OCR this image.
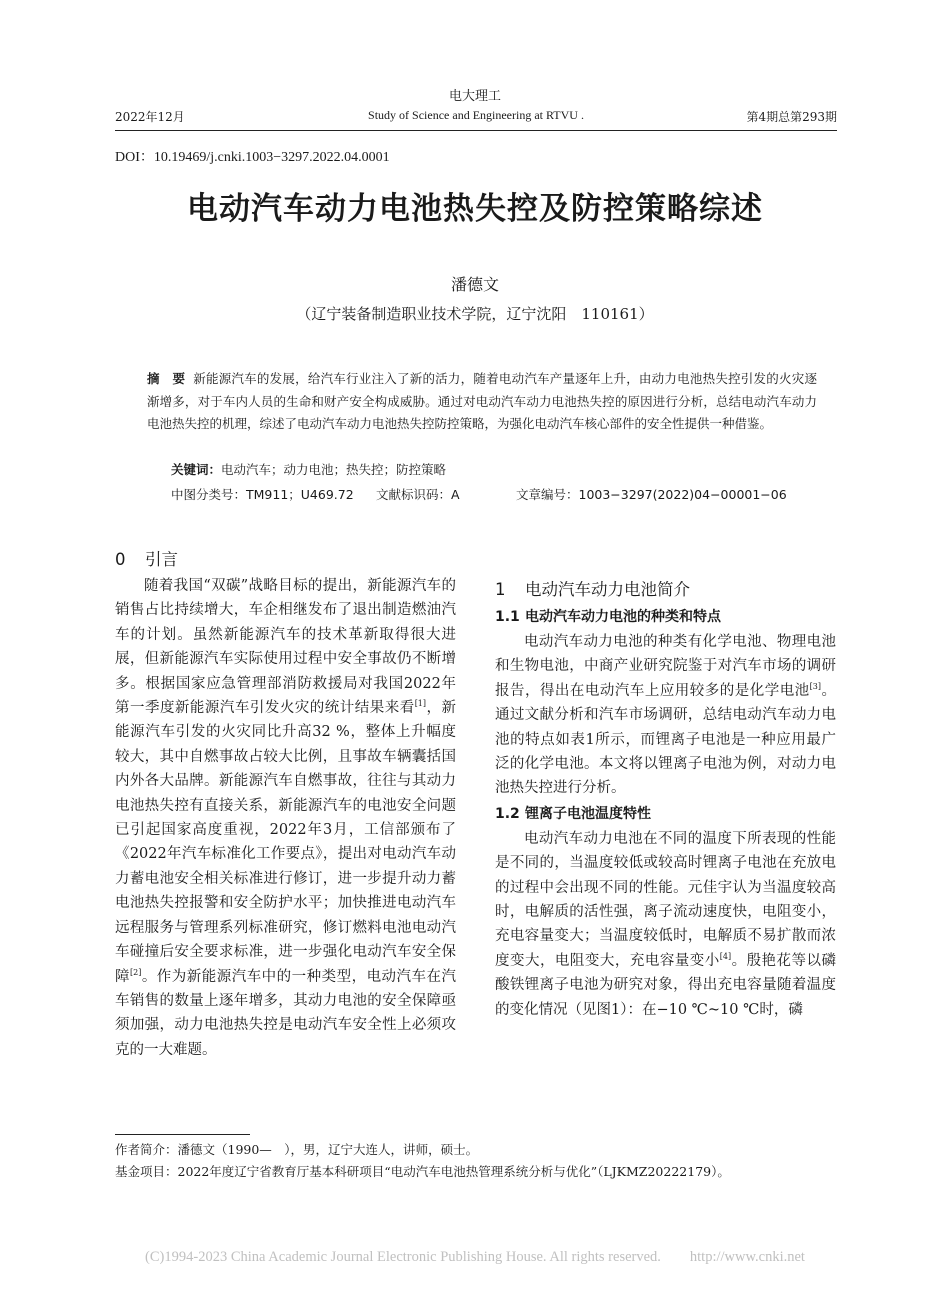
电大理工
2022年12月	Study of Science and Engineering at RTVU .	第4期总第293期
DOI：10.19469/j.cnki.1003−3297.2022.04.0001
电动汽车动力电池热失控及防控策略综述
潘德文
（辽宁装备制造职业技术学院，辽宁沈阳　110161）
摘　要 新能源汽车的发展，给汽车行业注入了新的活力，随着电动汽车产量逐年上升，由动力电池热失控引发的火灾逐渐增多，对于车内人员的生命和财产安全构成威胁。通过对电动汽车动力电池热失控的原因进行分析，总结电动汽车动力电池热失控的机理，综述了电动汽车动力电池热失控防控策略，为强化电动汽车核心部件的安全性提供一种借鉴。
关键词：电动汽车；动力电池；热失控；防控策略
中图分类号：TM911；U469.72 文献标识码：A	文章编号：1003−3297(2022)04−00001−06
0 引言

随着我国“双碳”战略目标的提出，新能源汽车的销售占比持续增大，车企相继发布了退出制造燃油汽车的计划。虽然新能源汽车的技术革新取得很大进展，但新能源汽车实际使用过程中安全事故仍不断增多。根据国家应急管理部消防救援局对我国2022年第一季度新能源汽车引发火灾的统计结果来看[1]，新能源汽车引发的火灾同比升高32 %，整体上升幅度较大，其中自燃事故占较大比例，且事故车辆囊括国内外各大品牌。新能源汽车自燃事故，往往与其动力电池热失控有直接关系，新能源汽车的电池安全问题已引起国家高度重视，2022年3月，工信部颁布了《2022年汽车标准化工作要点》，提出对电动汽车动力蓄电池安全相关标准进行修订，进一步提升动力蓄电池热失控报警和安全防护水平；加快推进电动汽车远程服务与管理系列标准研究，修订燃料电池电动汽车碰撞后安全要求标准，进一步强化电动汽车安全保障[2]。作为新能源汽车中的一种类型，电动汽车在汽车销售的数量上逐年增多，其动力电池的安全保障亟须加强，动力电池热失控是电动汽车安全性上必须攻克的一大难题。

1 电动汽车动力电池简介
1.1 电动汽车动力电池的种类和特点

电动汽车动力电池的种类有化学电池、物理电池和生物电池，中商产业研究院鉴于对汽车市场的调研报告，得出在电动汽车上应用较多的是化学电池[3]。通过文献分析和汽车市场调研，总结电动汽车动力电池的特点如表1所示，而锂离子电池是一种应用最广泛的化学电池。本文将以锂离子电池为例，对动力电池热失控进行分析。

1.2 锂离子电池温度特性

电动汽车动力电池在不同的温度下所表现的性能是不同的，当温度较低或较高时锂离子电池在充放电的过程中会出现不同的性能。元佳宇认为当温度较高时，电解质的活性强，离子流动速度快，电阻变小，充电容量变大；当温度较低时，电解质不易扩散而浓度变大，电阻变大，充电容量变小[4]。殷艳花等以磷酸铁锂离子电池为研究对象，得出充电容量随着温度的变化情况（见图1）：在−10 ℃~10 ℃时，磷

作者简介：潘德文（1990—　），男，辽宁大连人，讲师，硕士。
基金项目：2022年度辽宁省教育厅基本科研项目“电动汽车电池热管理系统分析与优化”（LJKMZ20222179）。
(C)1994-2023 China Academic Journal Electronic Publishing House. All rights reserved.　　http://www.cnki.net
